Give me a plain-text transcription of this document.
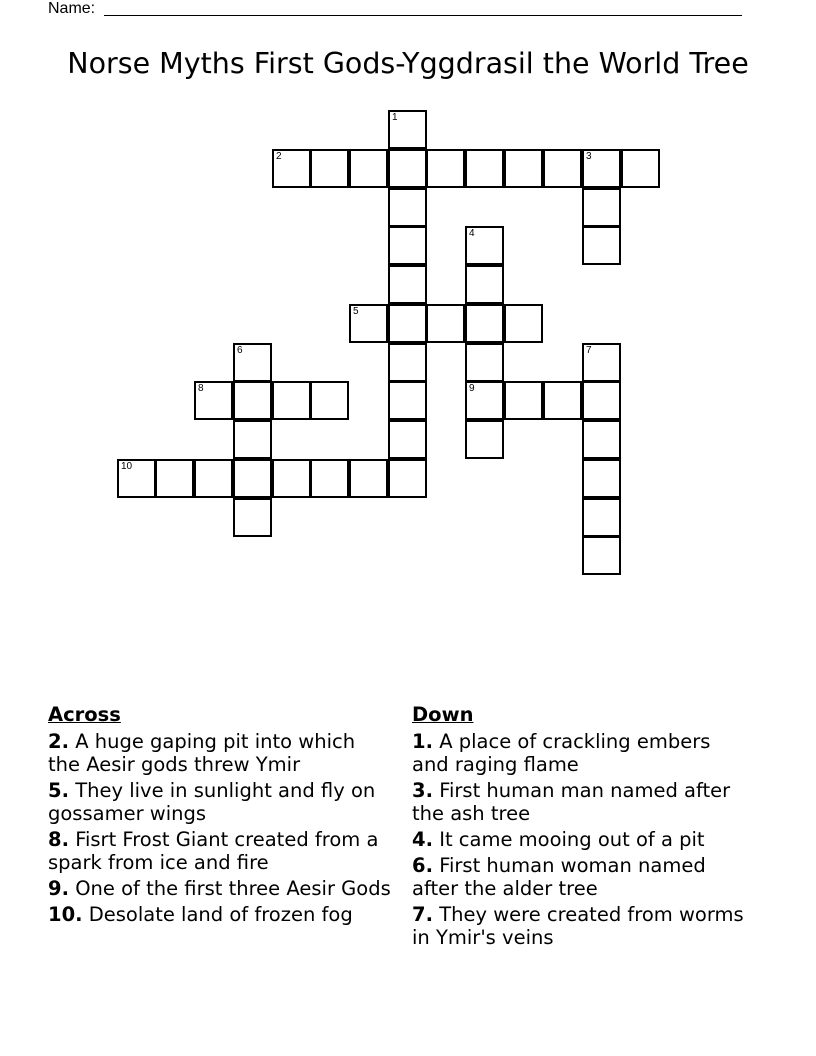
Name:
Norse Myths First Gods-Yggdrasil the World Tree
1
2	3
4
5
6	7
8	9
10
Across
2. A huge gaping pit into which the Aesir gods threw Ymir
5. They live in sunlight and fly on gossamer wings
8. Fisrt Frost Giant created from a spark from ice and fire
9. One of the first three Aesir Gods
10. Desolate land of frozen fog
Down
1. A place of crackling embers and raging flame
3. First human man named after the ash tree
4. It came mooing out of a pit
6. First human woman named after the alder tree
7. They were created from worms in Ymir's veins
